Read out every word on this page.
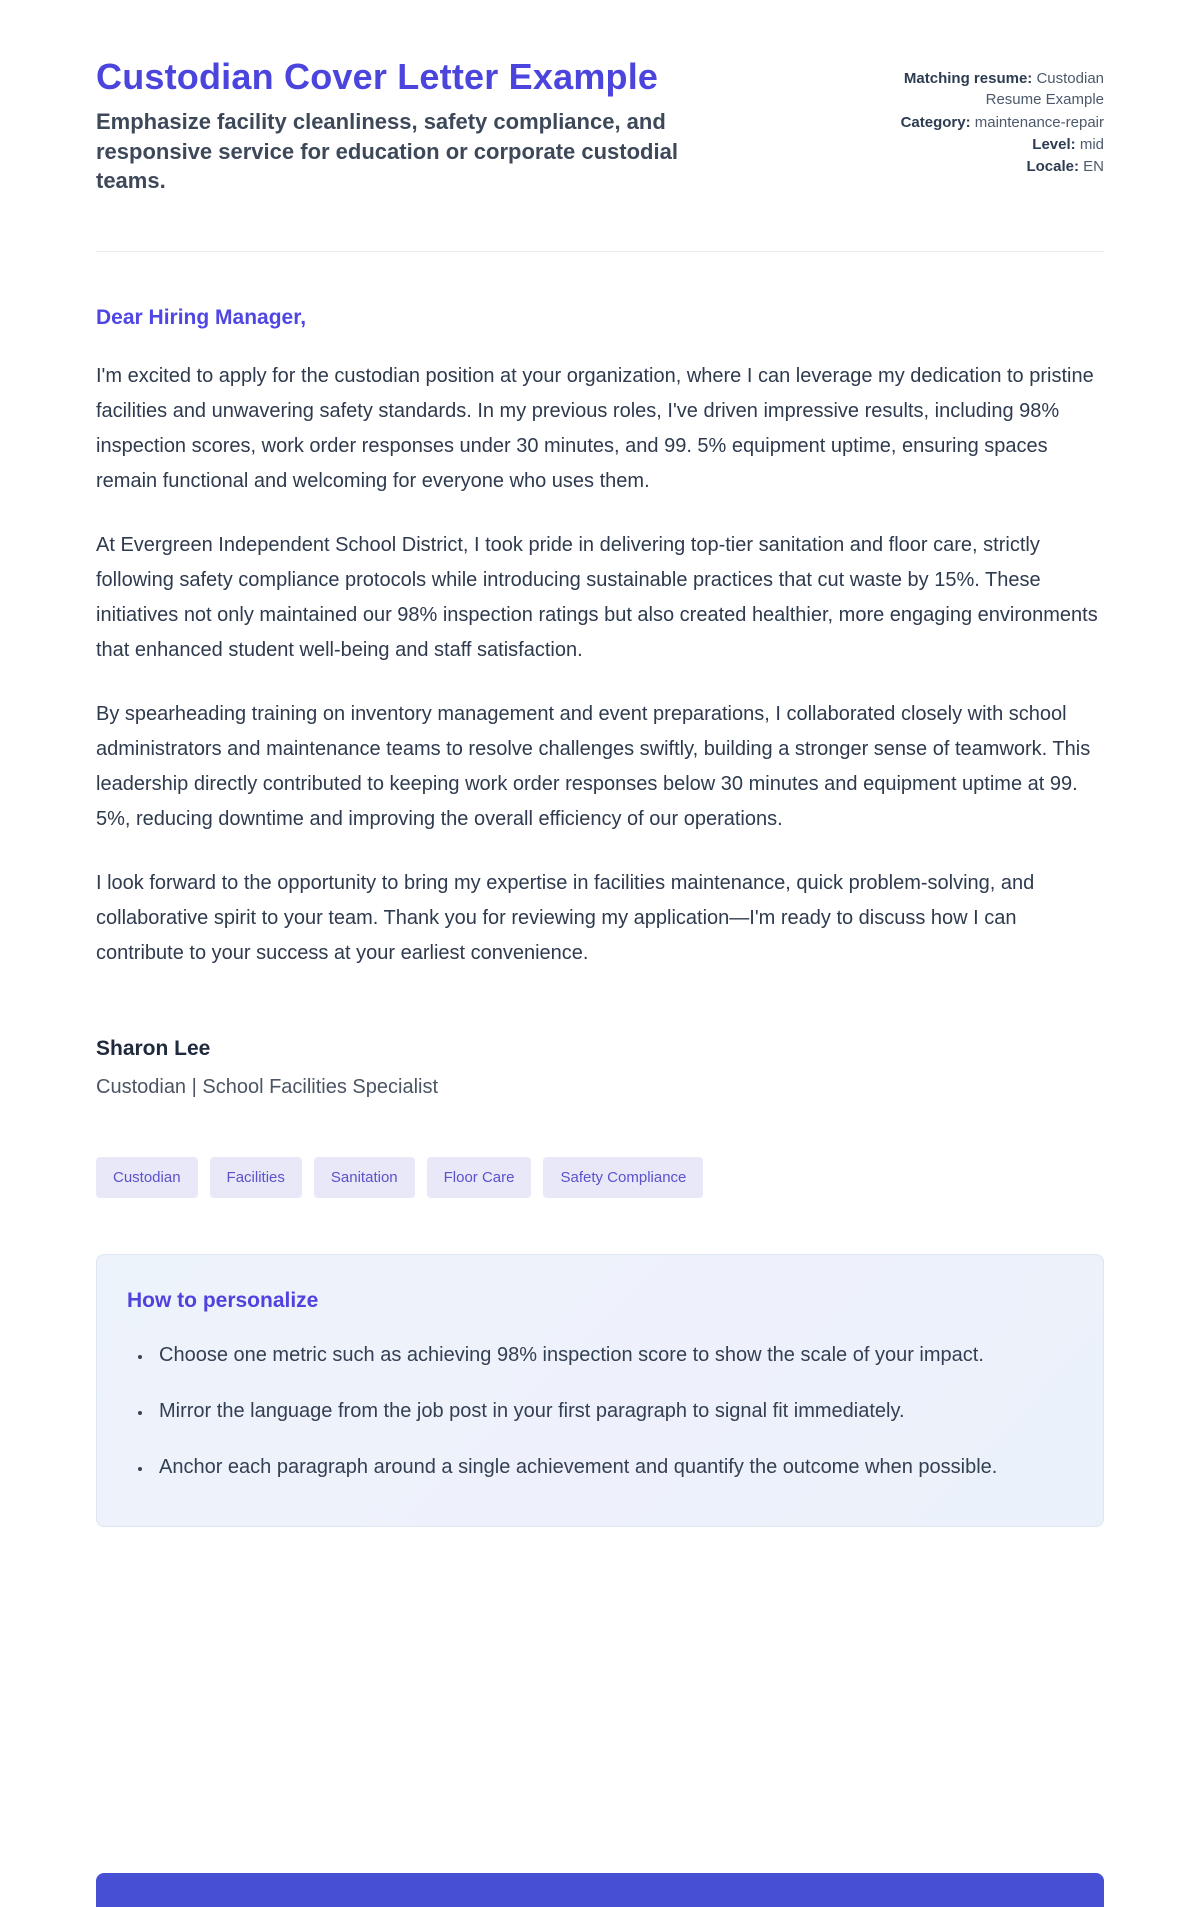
Custodian Cover Letter Example

Emphasize facility cleanliness, safety compliance, and responsive service for education or corporate custodial teams.

Matching resume: Custodian Resume Example
Category: maintenance-repair
Level: mid
Locale: EN

Dear Hiring Manager,

I'm excited to apply for the custodian position at your organization, where I can leverage my dedication to pristine facilities and unwavering safety standards. In my previous roles, I've driven impressive results, including 98% inspection scores, work order responses under 30 minutes, and 99. 5% equipment uptime, ensuring spaces remain functional and welcoming for everyone who uses them.

At Evergreen Independent School District, I took pride in delivering top-tier sanitation and floor care, strictly following safety compliance protocols while introducing sustainable practices that cut waste by 15%. These initiatives not only maintained our 98% inspection ratings but also created healthier, more engaging environments that enhanced student well-being and staff satisfaction.

By spearheading training on inventory management and event preparations, I collaborated closely with school administrators and maintenance teams to resolve challenges swiftly, building a stronger sense of teamwork. This leadership directly contributed to keeping work order responses below 30 minutes and equipment uptime at 99. 5%, reducing downtime and improving the overall efficiency of our operations.

I look forward to the opportunity to bring my expertise in facilities maintenance, quick problem-solving, and collaborative spirit to your team. Thank you for reviewing my application—I'm ready to discuss how I can contribute to your success at your earliest convenience.

Sharon Lee

Custodian | School Facilities Specialist

Custodian	Facilities	Sanitation	Floor Care	Safety Compliance
How to personalize
• Choose one metric such as achieving 98% inspection score to show the scale of your impact.
• Mirror the language from the job post in your first paragraph to signal fit immediately.
• Anchor each paragraph around a single achievement and quantify the outcome when possible.
